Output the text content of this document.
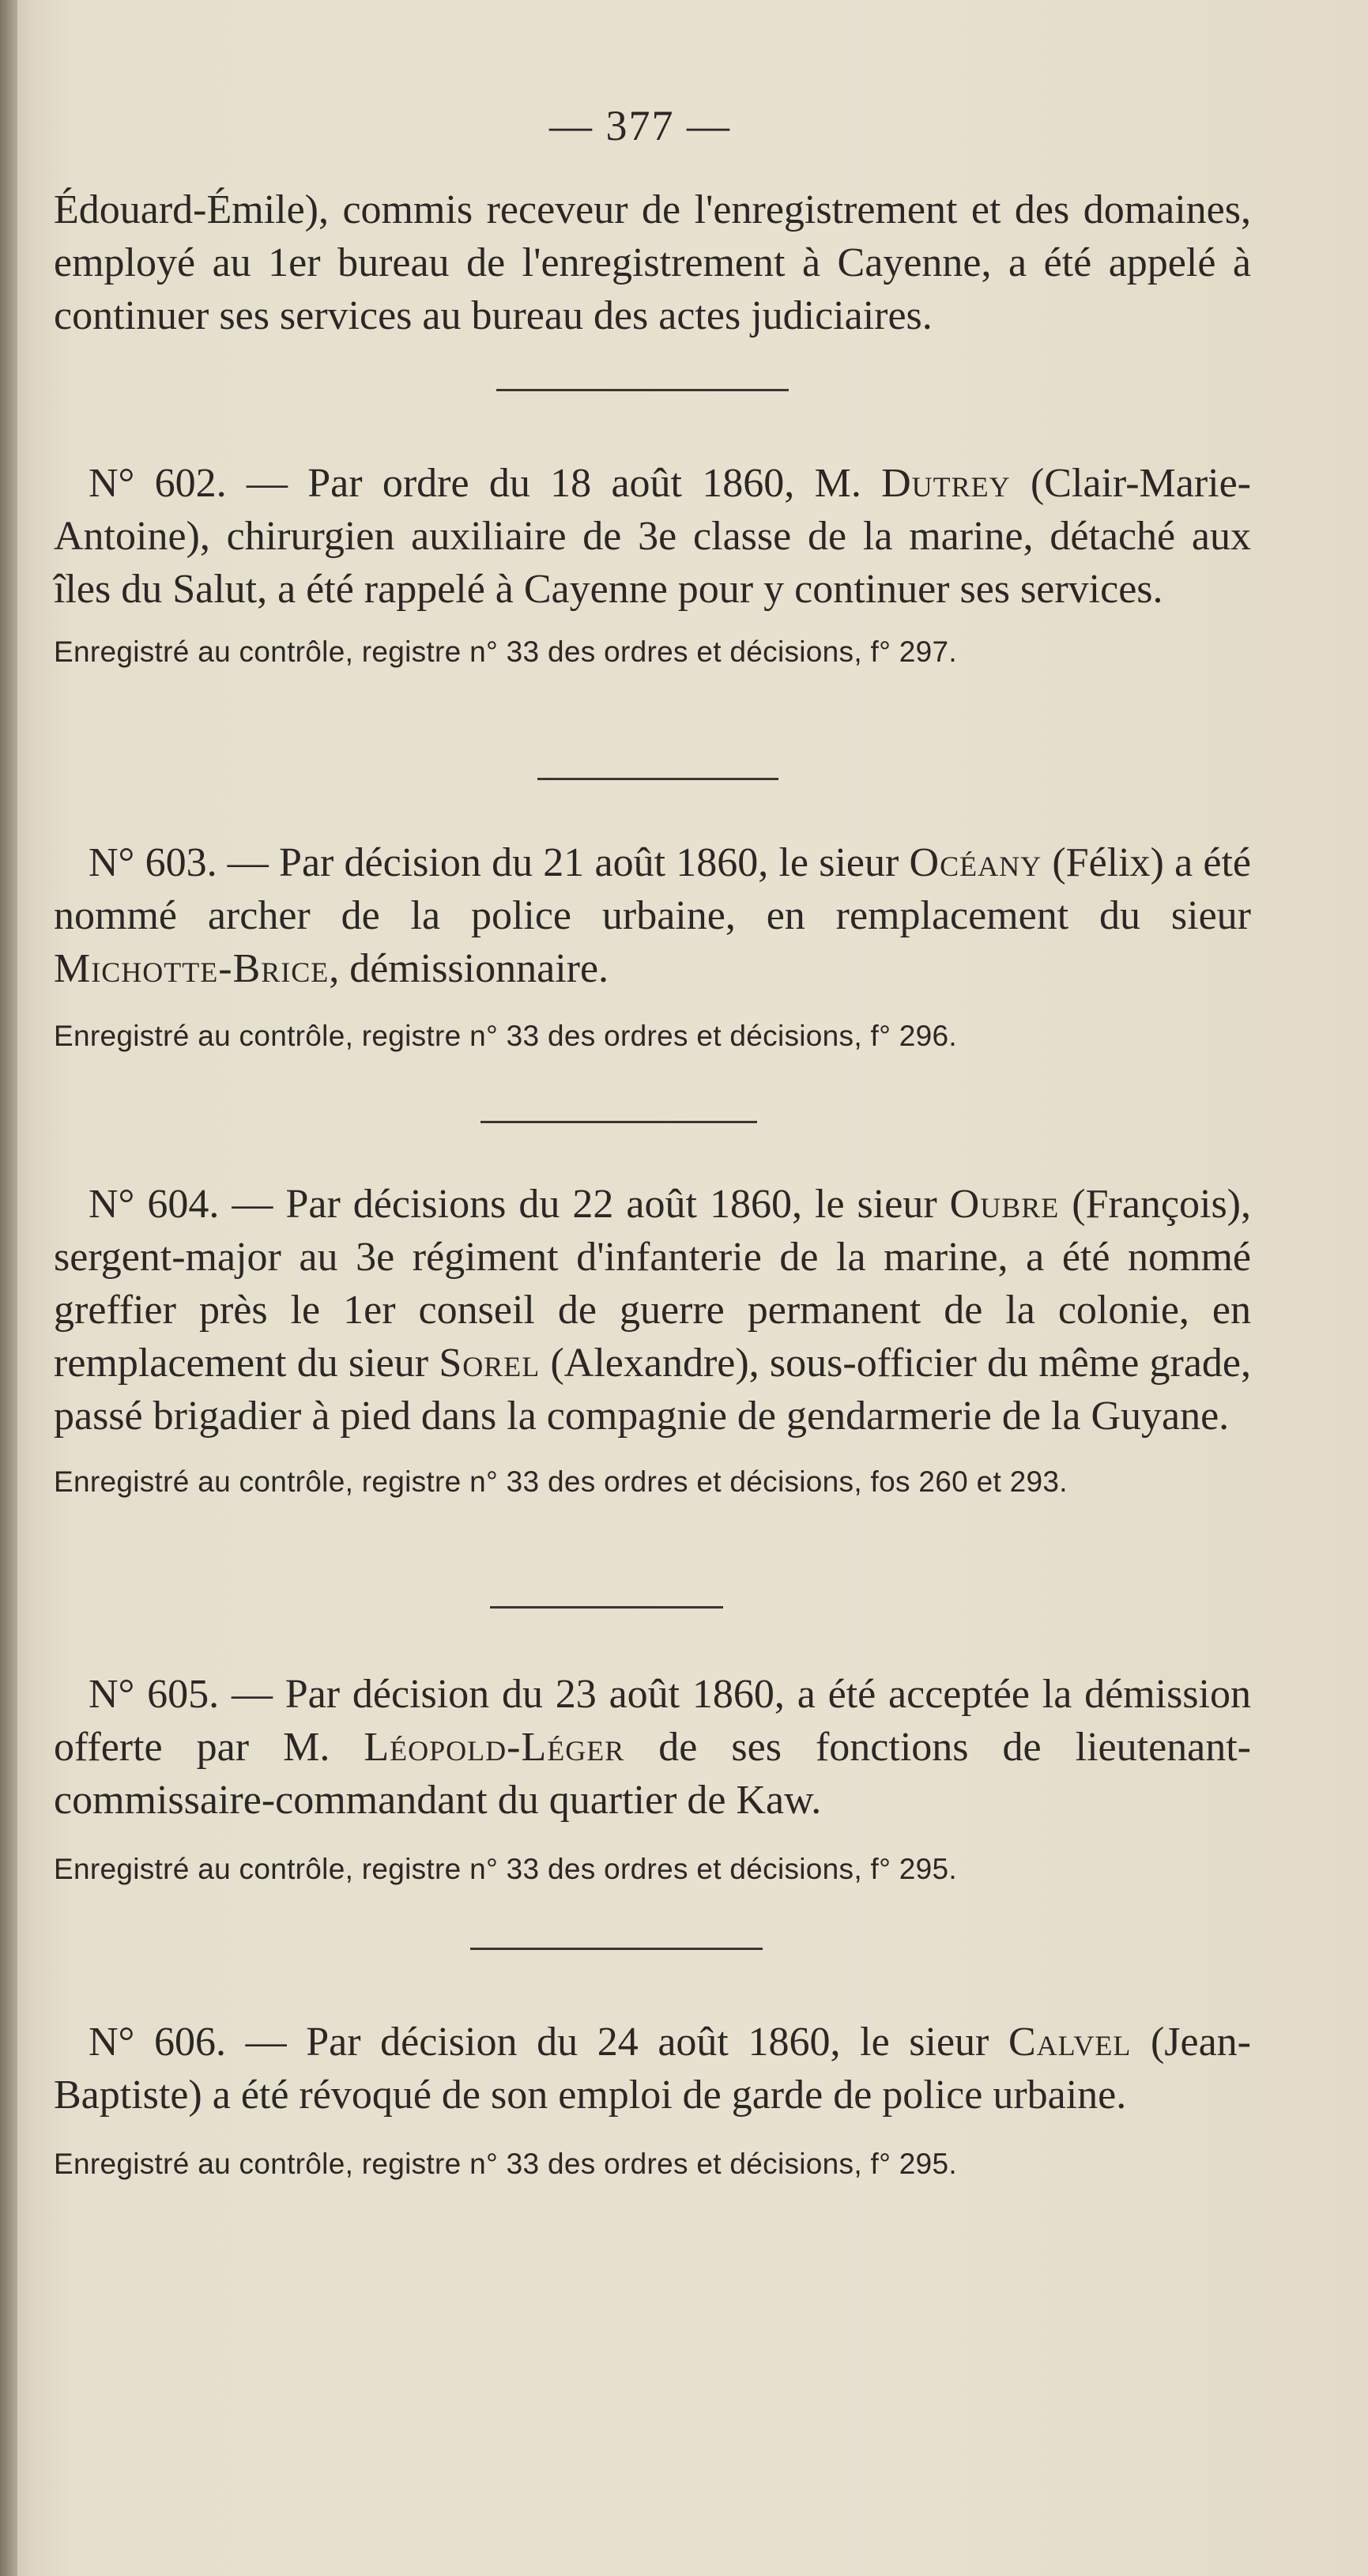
— 377 —

Édouard-Émile), commis receveur de l'enregistrement et des domaines, employé au 1er bureau de l'enregistrement à Cayenne, a été appelé à continuer ses services au bureau des actes judiciaires.

N° 602. — Par ordre du 18 août 1860, M. Dutrey (Clair-Marie-Antoine), chirurgien auxiliaire de 3e classe de la marine, détaché aux îles du Salut, a été rappelé à Cayenne pour y continuer ses services.

Enregistré au contrôle, registre n° 33 des ordres et décisions, f° 297.

N° 603. — Par décision du 21 août 1860, le sieur Océany (Félix) a été nommé archer de la police urbaine, en remplacement du sieur Michotte-Brice, démissionnaire.

Enregistré au contrôle, registre n° 33 des ordres et décisions, f° 296.

N° 604. — Par décisions du 22 août 1860, le sieur Oubre (François), sergent-major au 3e régiment d'infanterie de la marine, a été nommé greffier près le 1er conseil de guerre permanent de la colonie, en remplacement du sieur Sorel (Alexandre), sous-officier du même grade, passé brigadier à pied dans la compagnie de gendarmerie de la Guyane.

Enregistré au contrôle, registre n° 33 des ordres et décisions, fos 260 et 293.

N° 605. — Par décision du 23 août 1860, a été acceptée la démission offerte par M. Léopold-Léger de ses fonctions de lieutenant-commissaire-commandant du quartier de Kaw.

Enregistré au contrôle, registre n° 33 des ordres et décisions, f° 295.

N° 606. — Par décision du 24 août 1860, le sieur Calvel (Jean-Baptiste) a été révoqué de son emploi de garde de police urbaine.

Enregistré au contrôle, registre n° 33 des ordres et décisions, f° 295.
